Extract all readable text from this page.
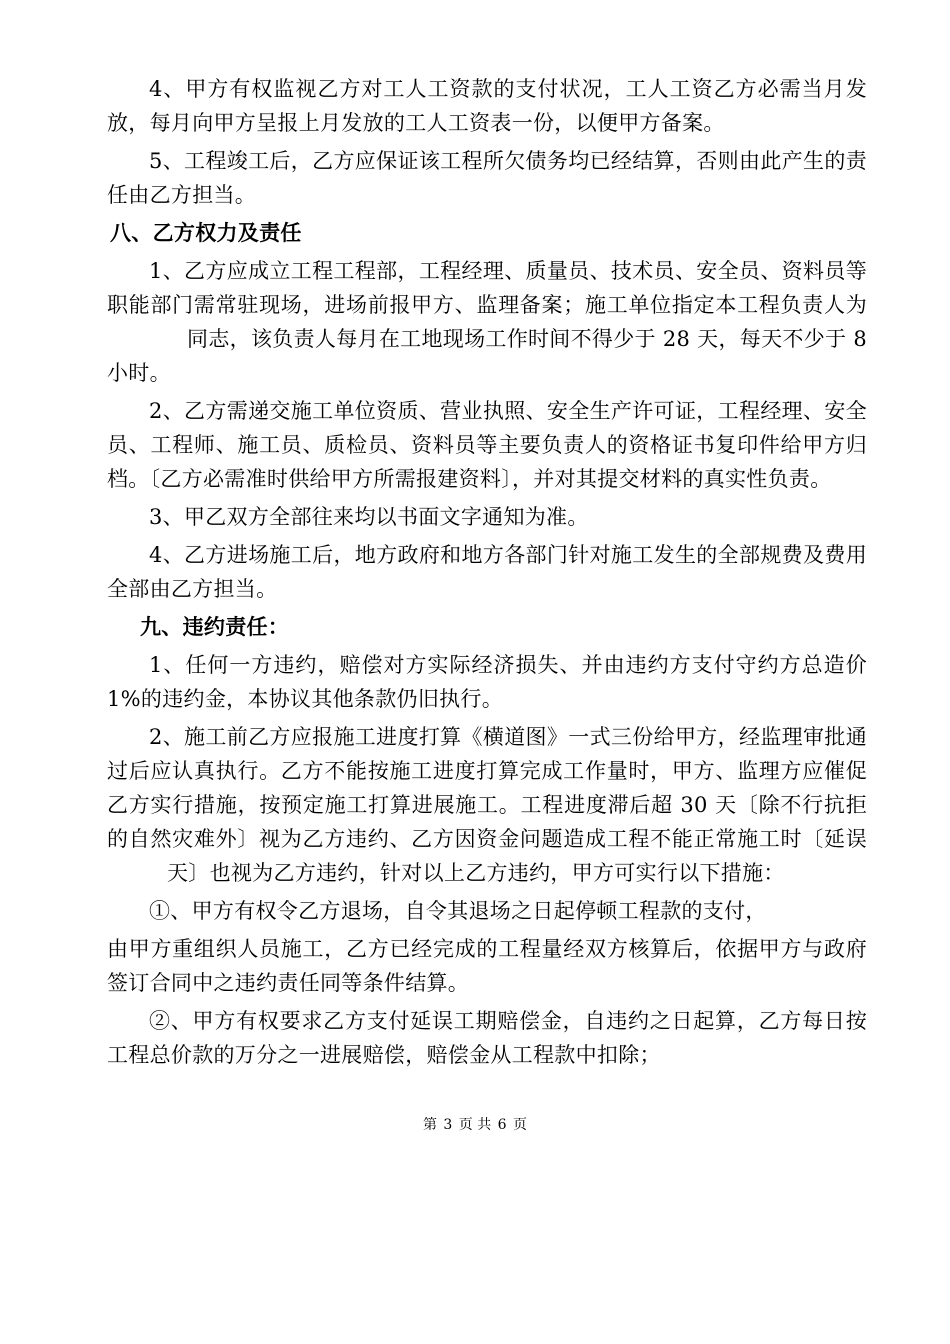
4、甲方有权监视乙方对工人工资款的支付状况，工人工资乙方必需当月发放，每月向甲方呈报上月发放的工人工资表一份，以便甲方备案。

5、工程竣工后，乙方应保证该工程所欠债务均已经结算，否则由此产生的责任由乙方担当。

八、乙方权力及责任

1、乙方应成立工程工程部，工程经理、质量员、技术员、安全员、资料员等职能部门需常驻现场，进场前报甲方、监理备案；施工单位指定本工程负责人为同志，该负责人每月在工地现场工作时间不得少于 28 天，每天不少于 8 小时。

2、乙方需递交施工单位资质、营业执照、安全生产许可证，工程经理、安全员、工程师、施工员、质检员、资料员等主要负责人的资格证书复印件给甲方归档。〔乙方必需准时供给甲方所需报建资料〕，并对其提交材料的真实性负责。

3、甲乙双方全部往来均以书面文字通知为准。

4、乙方进场施工后，地方政府和地方各部门针对施工发生的全部规费及费用全部由乙方担当。

九、违约责任：

1、任何一方违约，赔偿对方实际经济损失、并由违约方支付守约方总造价 1%的违约金，本协议其他条款仍旧执行。

2、施工前乙方应报施工进度打算《横道图》一式三份给甲方，经监理审批通过后应认真执行。乙方不能按施工进度打算完成工作量时，甲方、监理方应催促乙方实行措施，按预定施工打算进展施工。工程进度滞后超 30 天〔除不行抗拒的自然灾难外〕视为乙方违约、乙方因资金问题造成工程不能正常施工时〔延误天〕也视为乙方违约，针对以上乙方违约，甲方可实行以下措施：

①、甲方有权令乙方退场，自令其退场之日起停顿工程款的支付，

由甲方重组织人员施工，乙方已经完成的工程量经双方核算后，依据甲方与政府签订合同中之违约责任同等条件结算。

②、甲方有权要求乙方支付延误工期赔偿金，自违约之日起算，乙方每日按工程总价款的万分之一进展赔偿，赔偿金从工程款中扣除；

第 3 页 共 6 页
